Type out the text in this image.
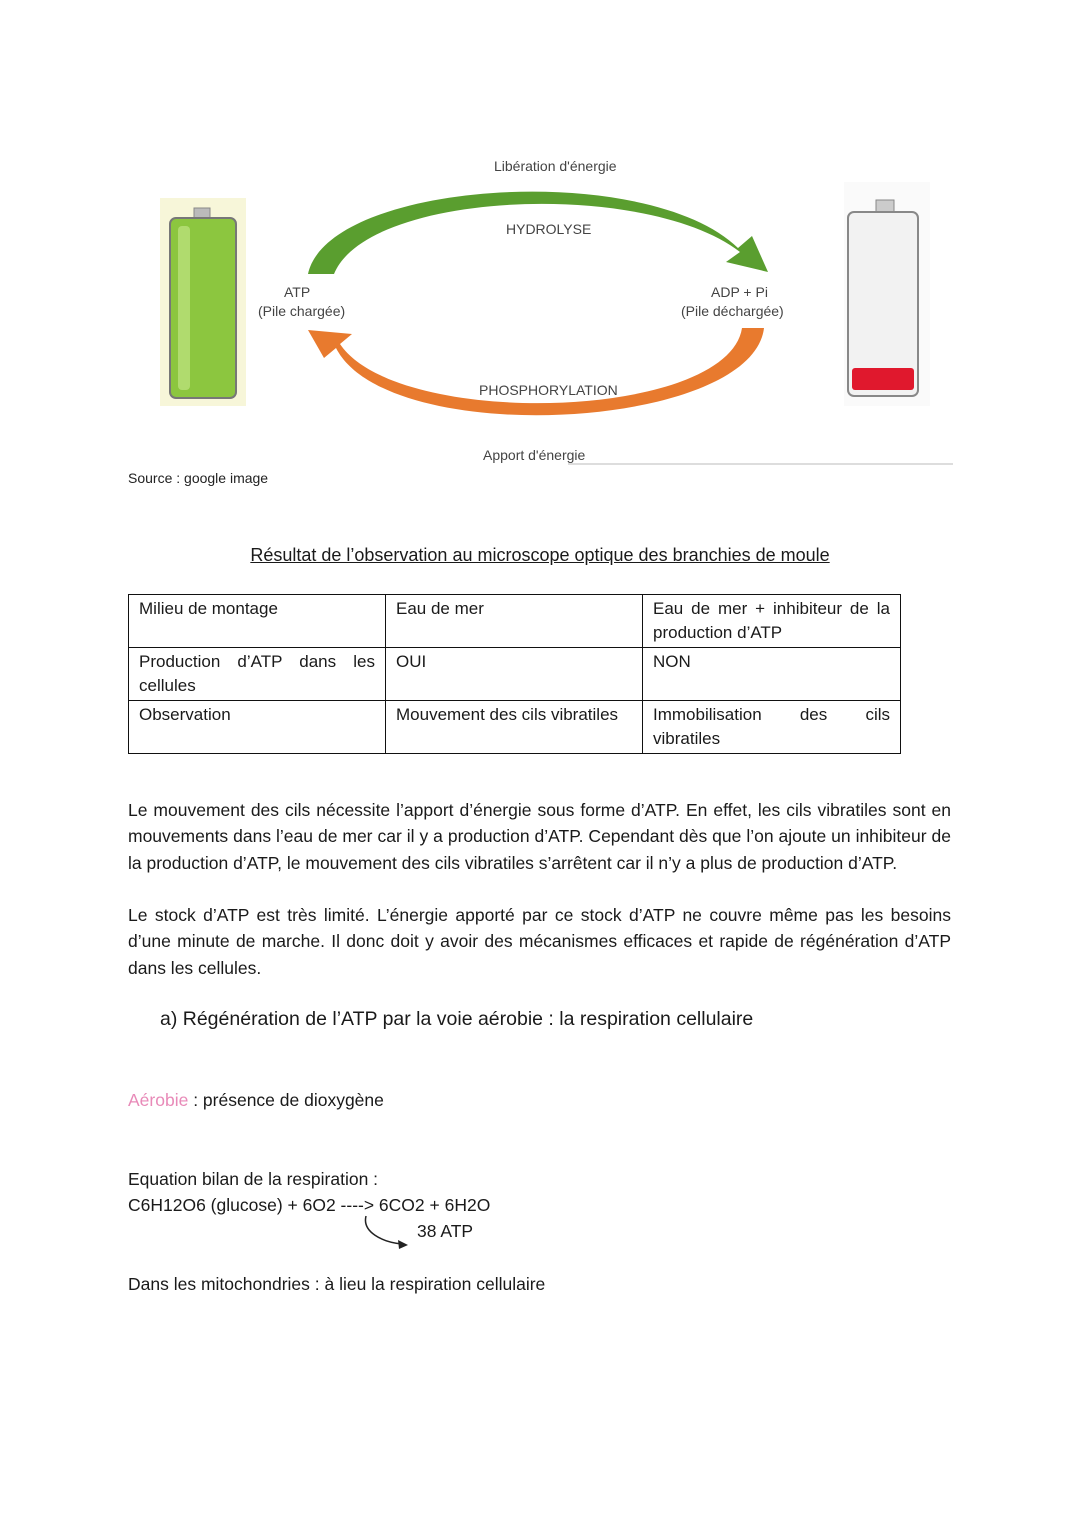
Libération d'énergie
HYDROLYSE
ATP
(Pile chargée)
ADP + Pi
(Pile déchargée)
PHOSPHORYLATION
Apport d'énergie
Source : google image
Résultat de l’observation au microscope optique des branchies de moule
Milieu de montage	Eau de mer	Eau de mer + inhibiteur de la production d’ATP
Production d’ATP dans les cellules	OUI	NON
Observation	Mouvement des cils vibratiles	Immobilisation des cils vibratiles
Le mouvement des cils nécessite l’apport d’énergie sous forme d’ATP. En effet, les cils vibratiles sont en mouvements dans l’eau de mer car il y a production d’ATP. Cependant dès que l’on ajoute un inhibiteur de la production d’ATP, le mouvement des cils vibratiles s’arrêtent car il n’y a plus de production d’ATP.
Le stock d’ATP est très limité. L’énergie apporté par ce stock d’ATP ne couvre même pas les besoins d’une minute de marche. Il donc doit y avoir des mécanismes efficaces et rapide de régénération d’ATP dans les cellules.
a) Régénération de l’ATP par la voie aérobie : la respiration cellulaire
Aérobie : présence de dioxygène
Equation bilan de la respiration :
C6H12O6 (glucose) + 6O2 ----> 6CO2 + 6H2O
38 ATP
Dans les mitochondries : à lieu la respiration cellulaire
